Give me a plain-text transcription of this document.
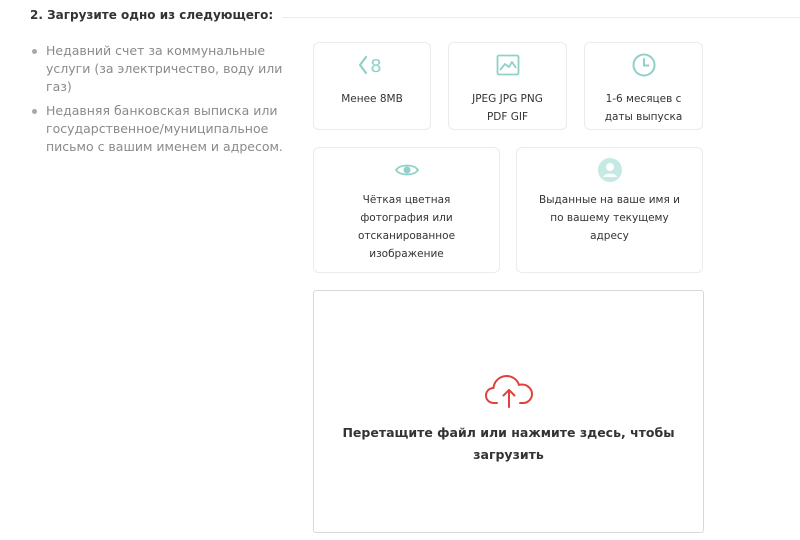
2. Загрузите одно из следующего:
Недавний счет за коммунальные услуги (за электричество, воду или газ)
Недавняя банковская выписка или государственное/муниципальное письмо с вашим именем и адресом.
8
Менее 8MB	JPEG JPG PNG PDF GIF
1-6 месяцев с даты выпуска
Чёткая цветная фотография или отсканированное изображение
Выданные на ваше имя и по вашему текущему адресу
Перетащите файл или нажмите здесь, чтобы загрузить
